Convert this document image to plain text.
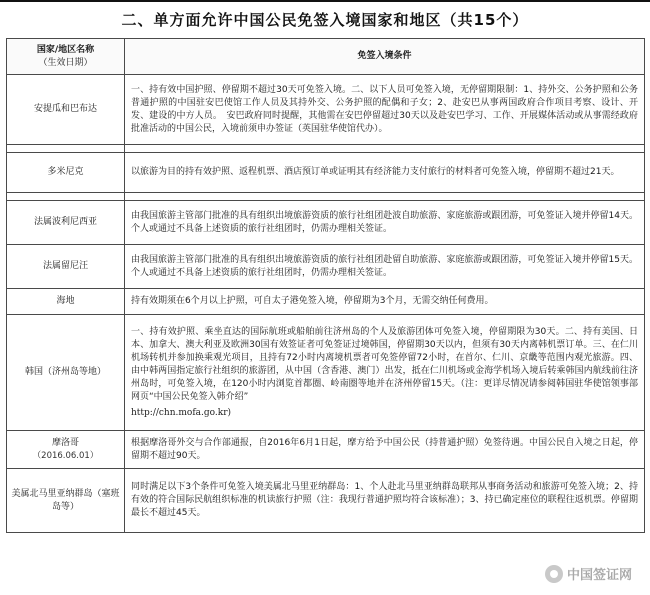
二、单方面允许中国公民免签入境国家和地区（共15个）
国家/地区名称
（生效日期）	免签入境条件
安提瓜和巴布达	一、持有效中国护照、停留期不超过30天可免签入境。二、以下人员可免签入境，无停留期限制：1、持外交、公务护照和公务普通护照的中国驻安巴使馆工作人员及其持外交、公务护照的配偶和子女；2、赴安巴从事两国政府合作项目考察、设计、开发、建设的中方人员。　安巴政府同时提醒，其他需在安巴停留超过30天以及赴安巴学习、工作、开展媒体活动或从事需经政府批准活动的中国公民，入境前须申办签证（英国驻华使馆代办）。

多米尼克	以旅游为目的持有效护照、返程机票、酒店预订单或证明其有经济能力支付旅行的材料者可免签入境，停留期不超过21天。

法属波利尼西亚	由我国旅游主管部门批准的具有组织出境旅游资质的旅行社组团赴波自助旅游、家庭旅游或跟团游，可免签证入境并停留14天。个人或通过不具备上述资质的旅行社组团时，仍需办理相关签证。
法属留尼汪	由我国旅游主管部门批准的具有组织出境旅游资质的旅行社组团赴留自助旅游、家庭旅游或跟团游，可免签证入境并停留15天。个人或通过不具备上述资质的旅行社组团时，仍需办理相关签证。
海地	持有效期须在6个月以上护照，可自太子港免签入境，停留期为3个月，无需交纳任何费用。
韩国（济州岛等地）	一、持有效护照、乘坐直达的国际航班或船舶前往济州岛的个人及旅游团体可免签入境，停留期限为30天。二、持有美国、日本、加拿大、澳大利亚及欧洲30国有效签证者可免签证过境韩国，停留期30天以内，但须有30天内离韩机票订单。三、在仁川机场转机并参加换乘观光项目，且持有72小时内离境机票者可免签停留72小时，在首尔、仁川、京畿等范围内观光旅游。四、由中韩两国指定旅行社组织的旅游团，从中国（含香港、澳门）出发，抵在仁川机场或金海学机场入境后转乘韩国内航线前往济州岛时，可免签入境，在120小时内浏览首都圈、岭南圈等地并在济州停留15天。（注：更详尽情况请参阅韩国驻华使馆领事部网页“中国公民免签入韩介绍”
http://chn.mofa.go.kr)

摩洛哥
（2016.06.01）	根据摩洛哥外交与合作部通报，自2016年6月1日起，摩方给予中国公民（持普通护照）免签待遇。中国公民自入境之日起，停留期不超过90天。
美属北马里亚纳群岛（塞班岛等）	同时满足以下3个条件可免签入境美属北马里亚纳群岛：1、个人赴北马里亚纳群岛联邦从事商务活动和旅游可免签入境；2、持有效的符合国际民航组织标准的机读旅行护照（注：我现行普通护照均符合该标准）；3、持已确定座位的联程往返机票。停留期最长不超过45天。
中国签证网
